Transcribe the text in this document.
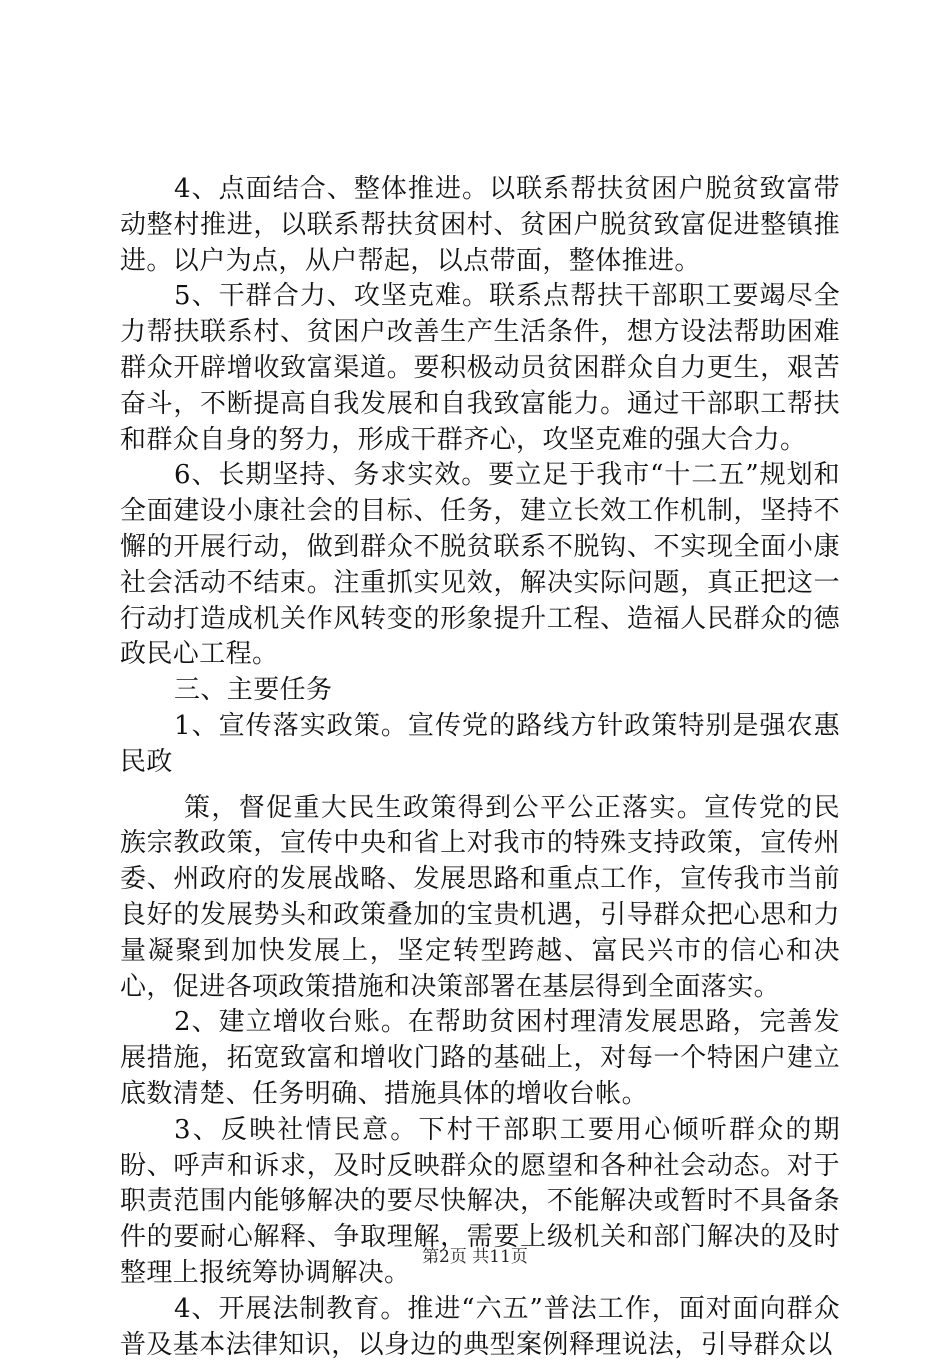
4、点面结合、整体推进。以联系帮扶贫困户脱贫致富带动整村推进，以联系帮扶贫困村、贫困户脱贫致富促进整镇推进。以户为点，从户帮起，以点带面，整体推进。

5、干群合力、攻坚克难。联系点帮扶干部职工要竭尽全力帮扶联系村、贫困户改善生产生活条件，想方设法帮助困难群众开辟增收致富渠道。要积极动员贫困群众自力更生，艰苦奋斗，不断提高自我发展和自我致富能力。通过干部职工帮扶和群众自身的努力，形成干群齐心，攻坚克难的强大合力。

6、长期坚持、务求实效。要立足于我市“十二五”规划和全面建设小康社会的目标、任务，建立长效工作机制，坚持不懈的开展行动，做到群众不脱贫联系不脱钩、不实现全面小康社会活动不结束。注重抓实见效，解决实际问题，真正把这一行动打造成机关作风转变的形象提升工程、造福人民群众的德政民心工程。

三、主要任务

1、宣传落实政策。宣传党的路线方针政策特别是强农惠民政

策，督促重大民生政策得到公平公正落实。宣传党的民族宗教政策，宣传中央和省上对我市的特殊支持政策，宣传州委、州政府的发展战略、发展思路和重点工作，宣传我市当前良好的发展势头和政策叠加的宝贵机遇，引导群众把心思和力量凝聚到加快发展上，坚定转型跨越、富民兴市的信心和决心，促进各项政策措施和决策部署在基层得到全面落实。

2、建立增收台账。在帮助贫困村理清发展思路，完善发展措施，拓宽致富和增收门路的基础上，对每一个特困户建立底数清楚、任务明确、措施具体的增收台帐。

3、反映社情民意。下村干部职工要用心倾听群众的期盼、呼声和诉求，及时反映群众的愿望和各种社会动态。对于职责范围内能够解决的要尽快解决，不能解决或暂时不具备条件的要耐心解释、争取理解，需要上级机关和部门解决的及时整理上报统筹协调解决。

4、开展法制教育。推进“六五”普法工作，面对面向群众普及基本法律知识，以身边的典型案例释理说法，引导群众以

第2页 共11页
